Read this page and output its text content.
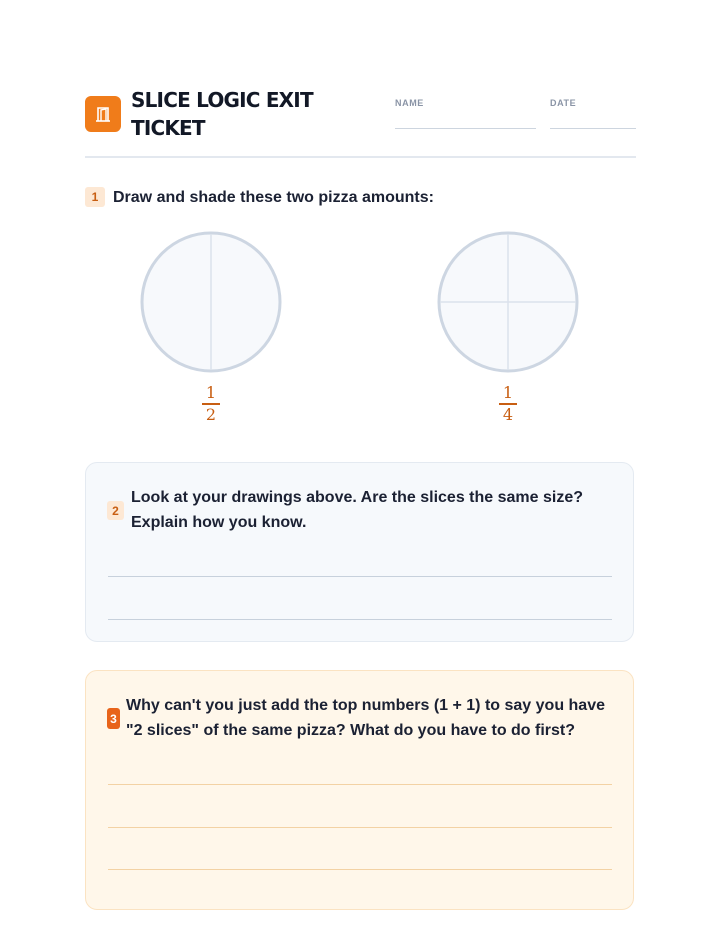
SLICE LOGIC EXIT TICKET
NAME	DATE
1 Draw and shade these two pizza amounts:
1
2
1
4
2
Look at your drawings above. Are the slices the same size?
Explain how you know.
3
Why can't you just add the top numbers (1 + 1) to say you have
"2 slices" of the same pizza? What do you have to do first?
